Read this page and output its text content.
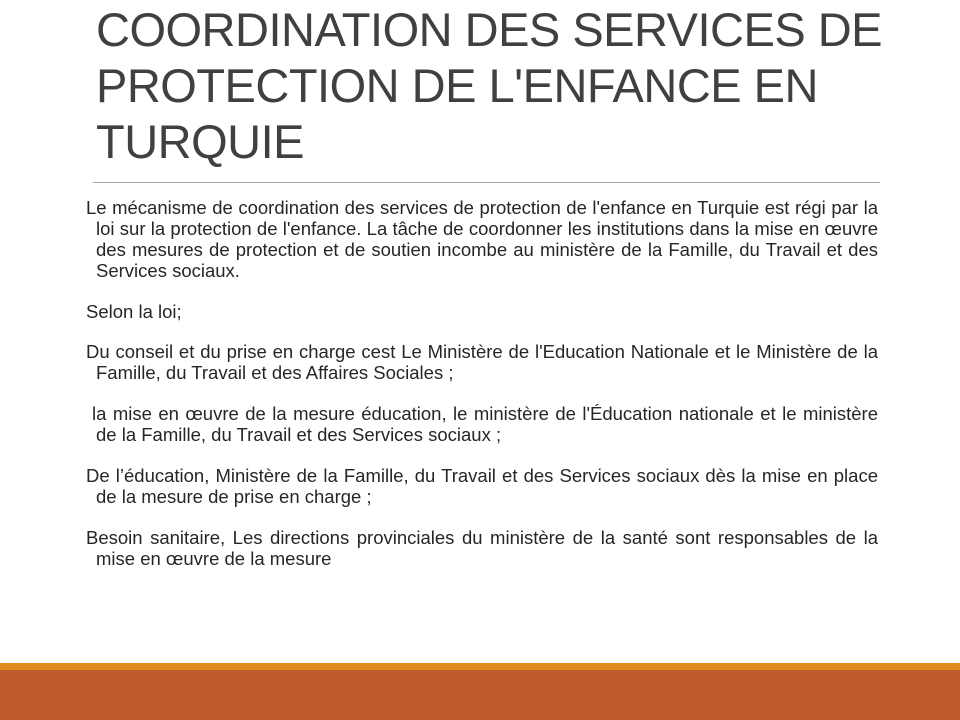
COORDINATION DES SERVICES DE PROTECTION DE L'ENFANCE EN TURQUIE

Le mécanisme de coordination des services de protection de l'enfance en Turquie est régi par la loi sur la protection de l'enfance. La tâche de coordonner les institutions dans la mise en œuvre des mesures de protection et de soutien incombe au ministère de la Famille, du Travail et des Services sociaux.

Selon la loi;

Du conseil et du prise en charge cest Le Ministère de l'Education Nationale et le Ministère de la Famille, du Travail et des Affaires Sociales ;

la mise en œuvre de la mesure éducation, le ministère de l'Éducation nationale et le ministère de la Famille, du Travail et des Services sociaux ;

De l’éducation, Ministère de la Famille, du Travail et des Services sociaux dès la mise en place de la mesure de prise en charge ;

Besoin sanitaire, Les directions provinciales du ministère de la santé sont responsables de la mise en œuvre de la mesure
